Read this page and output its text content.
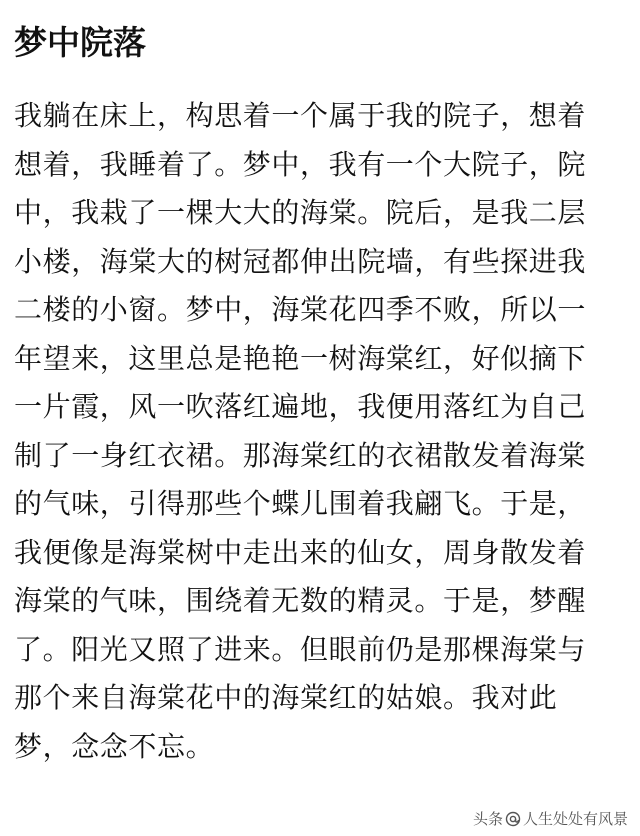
梦中院落
我躺在床上，构思着一个属于我的院子，想着
想着，我睡着了。梦中，我有一个大院子，院
中，我栽了一棵大大的海棠。院后，是我二层
小楼，海棠大的树冠都伸出院墙，有些探进我
二楼的小窗。梦中，海棠花四季不败，所以一
年望来，这里总是艳艳一树海棠红，好似摘下
一片霞，风一吹落红遍地，我便用落红为自己
制了一身红衣裙。那海棠红的衣裙散发着海棠
的气味，引得那些个蝶儿围着我翩飞。于是，
我便像是海棠树中走出来的仙女，周身散发着
海棠的气味，围绕着无数的精灵。于是，梦醒
了。阳光又照了进来。但眼前仍是那棵海棠与
那个来自海棠花中的海棠红的姑娘。我对此
梦，念念不忘。
头条 人生处处有风景
